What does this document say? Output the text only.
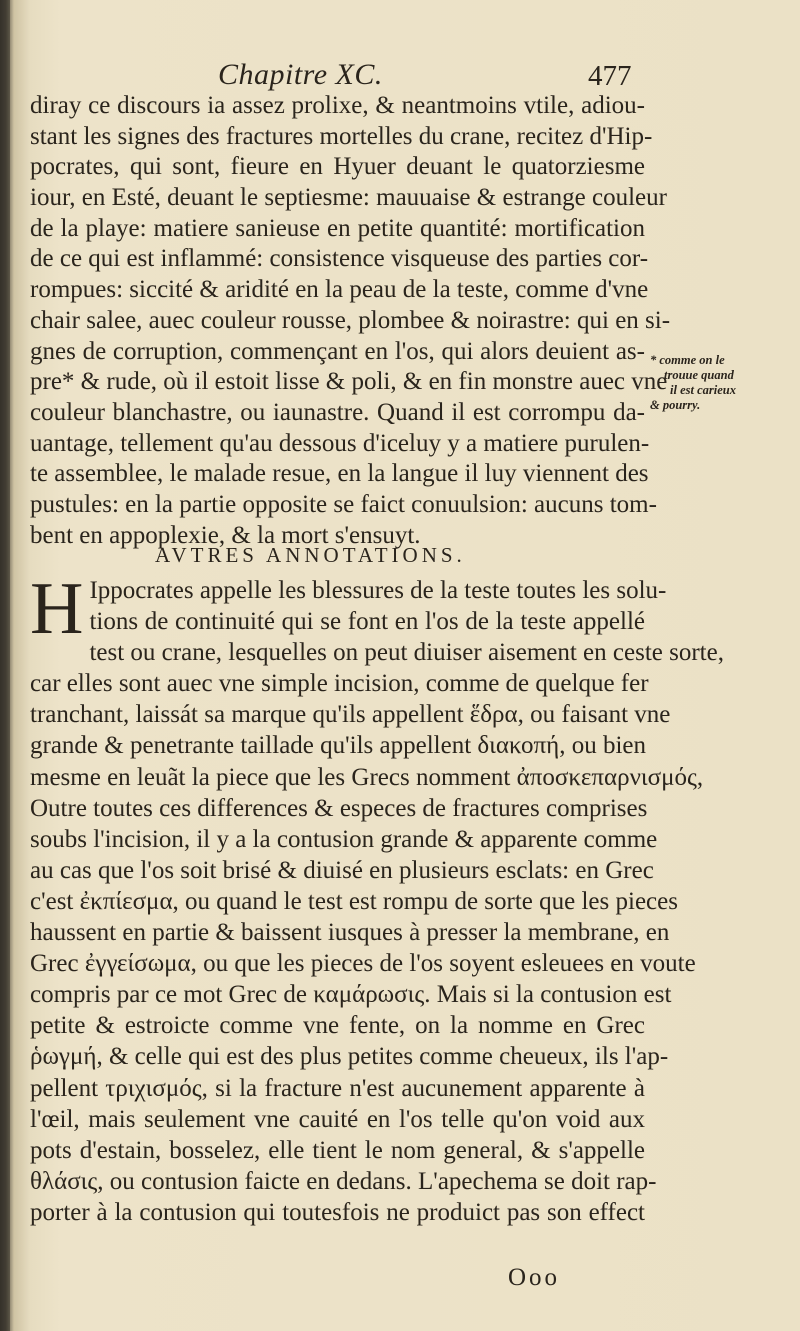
Chapitre XC.	477
diray ce discours ia assez prolixe, & neantmoins vtile, adiou-
stant les signes des fractures mortelles du crane, recitez d'Hip-
pocrates, qui sont, fieure en Hyuer deuant le quatorziesme
iour, en Esté, deuant le septiesme: mauuaise & estrange couleur
de la playe: matiere sanieuse en petite quantité: mortification
de ce qui est inflammé: consistence visqueuse des parties cor-
rompues: siccité & aridité en la peau de la teste, comme d'vne
chair salee, auec couleur rousse, plombee & noirastre: qui en si-
gnes de corruption, commençant en l'os, qui alors deuient as-
pre* & rude, où il estoit lisse & poli, & en fin monstre auec vne
couleur blanchastre, ou iaunastre. Quand il est corrompu da-
uantage, tellement qu'au dessous d'iceluy y a matiere purulen-
te assemblee, le malade resue, en la langue il luy viennent des
pustules: en la partie opposite se faict conuulsion: aucuns tom-
bent en appoplexie, & la mort s'ensuyt.
* comme on le
trouue quand
il est carieux
& pourry.
AVTRES ANNOTATIONS.
H Ippocrates appelle les blessures de la teste toutes les solu-
tions de continuité qui se font en l'os de la teste appellé
test ou crane, lesquelles on peut diuiser aisement en ceste sorte,
car elles sont auec vne simple incision, comme de quelque fer
tranchant, laissát sa marque qu'ils appellent ἕδρα, ou faisant vne
grande & penetrante taillade qu'ils appellent διακοπή, ou bien
mesme en leuãt la piece que les Grecs nomment ἀποσκεπαρνισμός,
Outre toutes ces differences & especes de fractures comprises
soubs l'incision, il y a la contusion grande & apparente comme
au cas que l'os soit brisé & diuisé en plusieurs esclats: en Grec
c'est ἐκπίεσμα, ou quand le test est rompu de sorte que les pieces
haussent en partie & baissent iusques à presser la membrane, en
Grec ἐγγείσωμα, ou que les pieces de l'os soyent esleuees en voute
compris par ce mot Grec de καμάρωσις. Mais si la contusion est
petite & estroicte comme vne fente, on la nomme en Grec
ῥωγμή, & celle qui est des plus petites comme cheueux, ils l'ap-
pellent τριχισμός, si la fracture n'est aucunement apparente à
l'œil, mais seulement vne cauité en l'os telle qu'on void aux
pots d'estain, bosselez, elle tient le nom general, & s'appelle
θλάσις, ou contusion faicte en dedans. L'apechema se doit rap-
porter à la contusion qui toutesfois ne produict pas son effect
Ooo
